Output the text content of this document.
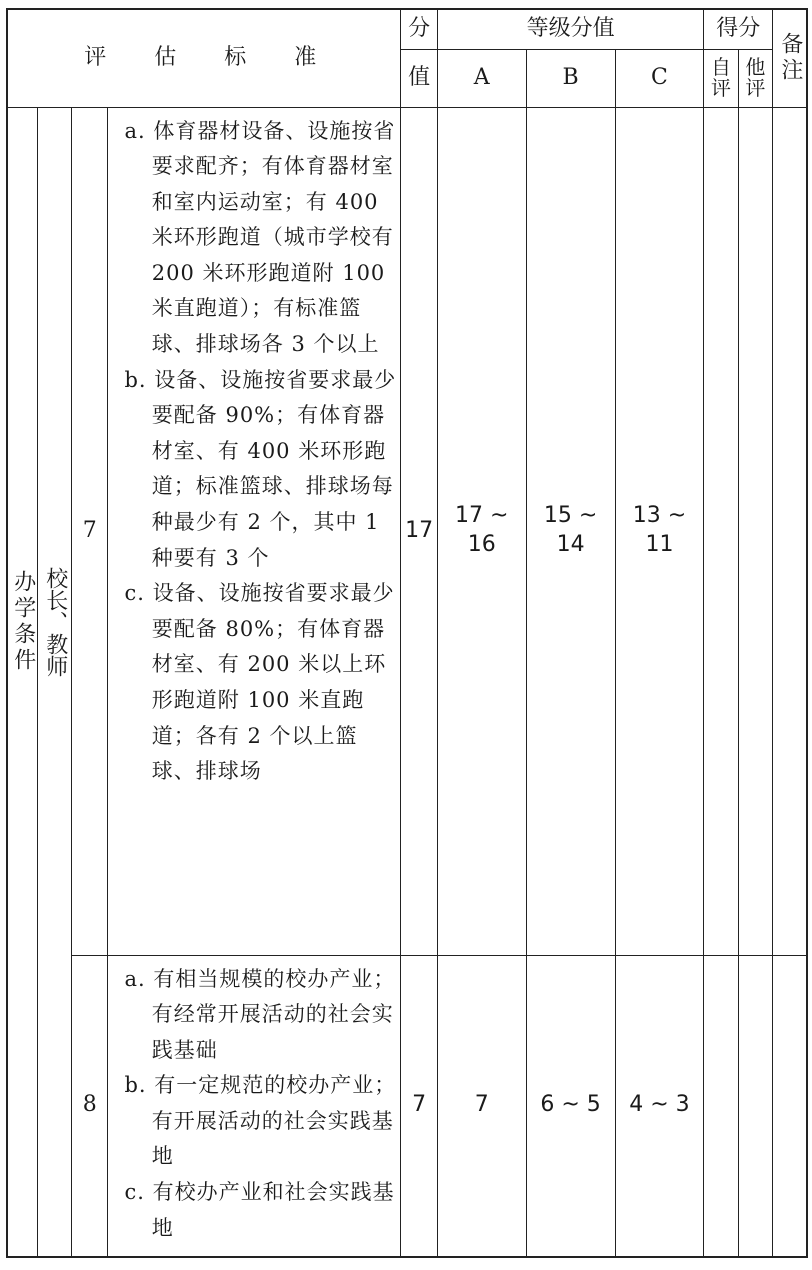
评估标准				分	等级分值			得分		备注

				值	A	B	C	自评	他评	

办学条件	校长、教师	7	a. 体育器材设备、设施按省要求配齐；有体育器材室和室内运动室；有 400 米环形跑道（城市学校有 200 米环形跑道附 100 米直跑道）；有标准篮球、排球场各 3 个以上

b. 设备、设施按省要求最少要配备 90%；有体育器材室、有 400 米环形跑道；标准篮球、排球场每种最少有 2 个，其中 1 种要有 3 个

c. 设备、设施按省要求最少要配备 80%；有体育器材室、有 200 米以上环形跑道附 100 米直跑道；各有 2 个以上篮球、排球场	17	17 ~ 16	15 ~ 14	13 ~ 11			
		8	a. 有相当规模的校办产业；有经常开展活动的社会实践基础

b. 有一定规范的校办产业；有开展活动的社会实践基地

c. 有校办产业和社会实践基地	7	7	6 ~ 5	4 ~ 3			
